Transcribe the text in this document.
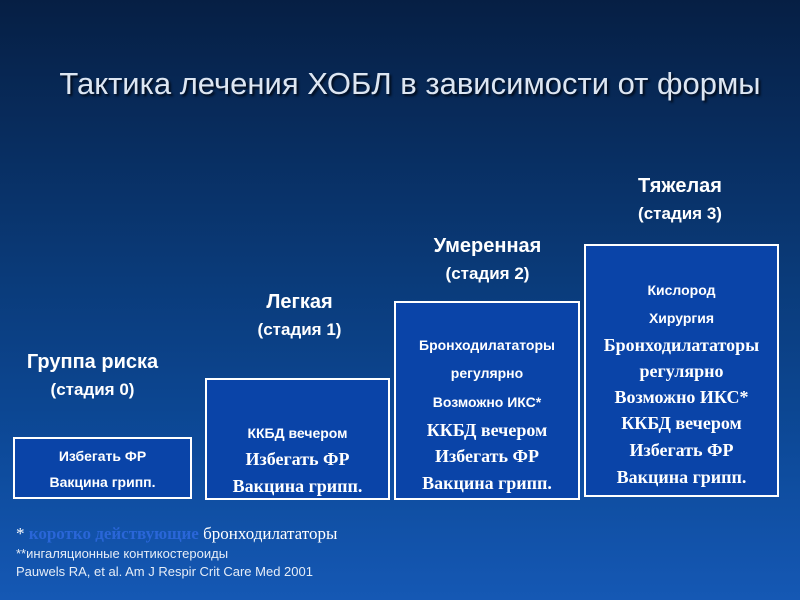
Тактика лечения ХОБЛ в зависимости от формы
Группа риска
(стадия 0)
Избегать ФР
Вакцина грипп.
Легкая
(стадия 1)
ККБД вечером
Избегать ФР
Вакцина грипп.
Умеренная
(стадия 2)
Бронходилататоры
регулярно
Возможно ИКС*
ККБД вечером
Избегать ФР
Вакцина грипп.
Тяжелая
(стадия 3)
Кислород
Хирургия
Бронходилататоры
регулярно
Возможно ИКС*
ККБД вечером
Избегать ФР
Вакцина грипп.
* коротко действующие бронходилататоры
**ингаляционные контикостероиды
Pauwels RA, et al. Am J Respir Crit Care Med 2001
